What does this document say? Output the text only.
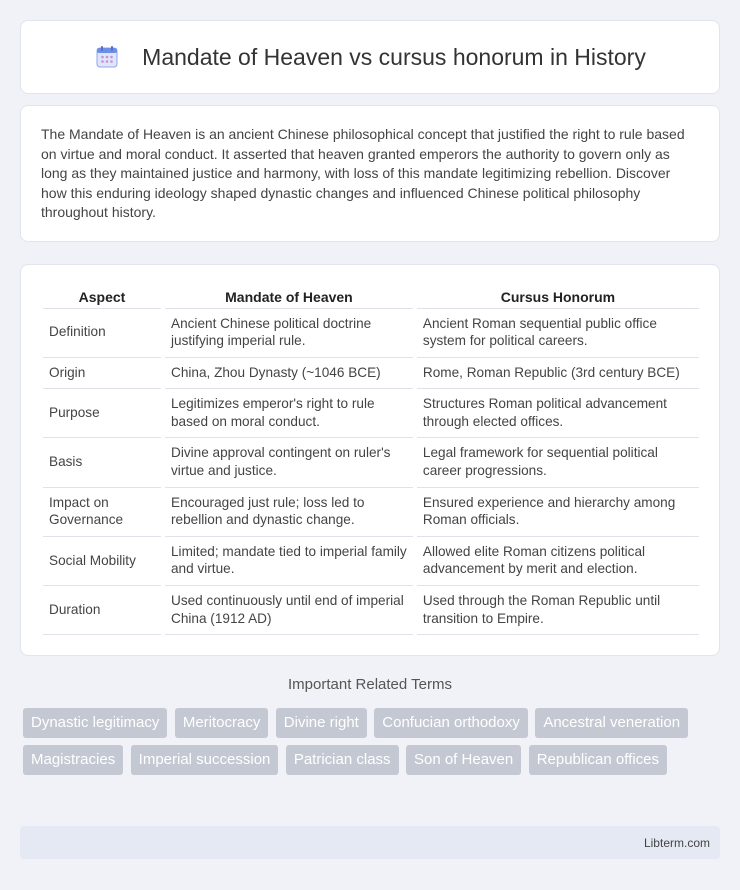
Mandate of Heaven vs cursus honorum in History

The Mandate of Heaven is an ancient Chinese philosophical concept that justified the right to rule based on virtue and moral conduct. It asserted that heaven granted emperors the authority to govern only as long as they maintained justice and harmony, with loss of this mandate legitimizing rebellion. Discover how this enduring ideology shaped dynastic changes and influenced Chinese political philosophy throughout history.

Aspect	Mandate of Heaven	Cursus Honorum
Definition	Ancient Chinese political doctrine justifying imperial rule.	Ancient Roman sequential public office system for political careers.
Origin	China, Zhou Dynasty (~1046 BCE)	Rome, Roman Republic (3rd century BCE)
Purpose	Legitimizes emperor's right to rule based on moral conduct.	Structures Roman political advancement through elected offices.
Basis	Divine approval contingent on ruler's virtue and justice.	Legal framework for sequential political career progressions.
Impact on Governance	Encouraged just rule; loss led to rebellion and dynastic change.	Ensured experience and hierarchy among Roman officials.
Social Mobility	Limited; mandate tied to imperial family and virtue.	Allowed elite Roman citizens political advancement by merit and election.
Duration	Used continuously until end of imperial China (1912 AD)	Used through the Roman Republic until transition to Empire.
Important Related Terms
Dynastic legitimacy Meritocracy Divine right Confucian orthodoxy Ancestral veneration Magistracies Imperial succession Patrician class Son of Heaven Republican offices
Libterm.com
